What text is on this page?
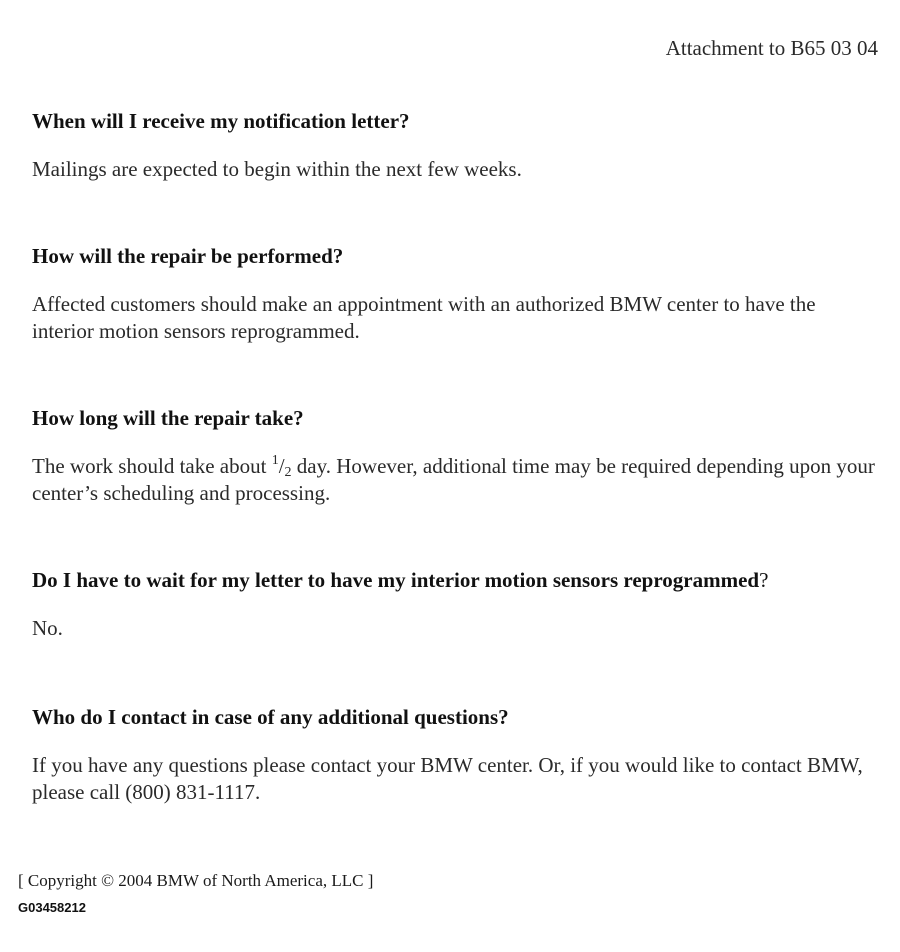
Attachment to B65 03 04

When will I receive my notification letter?

Mailings are expected to begin within the next few weeks.

How will the repair be performed?

Affected customers should make an appointment with an authorized BMW center to have the interior motion sensors reprogrammed.

How long will the repair take?

The work should take about $^1/_2$ day. However, additional time may be required depending upon your center’s scheduling and processing.

Do I have to wait for my letter to have my interior motion sensors reprogrammed?

No.

Who do I contact in case of any additional questions?

If you have any questions please contact your BMW center. Or, if you would like to contact BMW, please call (800) 831-1117.

[ Copyright © 2004 BMW of North America, LLC ]
G03458212
